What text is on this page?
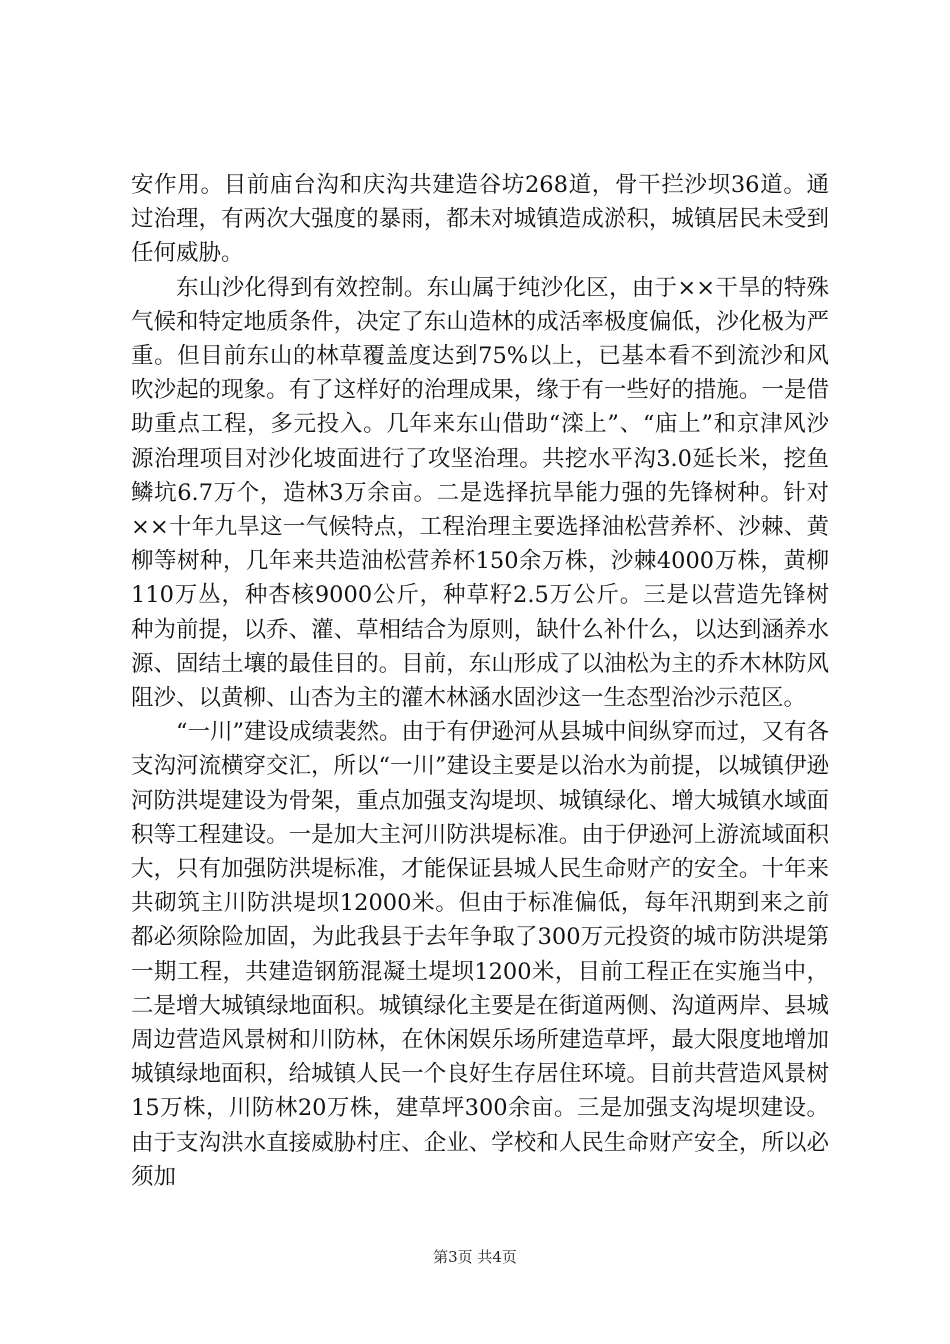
安作用。目前庙台沟和庆沟共建造谷坊268道，骨干拦沙坝36道。通过治理，有两次大强度的暴雨，都未对城镇造成淤积，城镇居民未受到任何威胁。

东山沙化得到有效控制。东山属于纯沙化区，由于××干旱的特殊气候和特定地质条件，决定了东山造林的成活率极度偏低，沙化极为严重。但目前东山的林草覆盖度达到75%以上，已基本看不到流沙和风吹沙起的现象。有了这样好的治理成果，缘于有一些好的措施。一是借助重点工程，多元投入。几年来东山借助“滦上”、“庙上”和京津风沙源治理项目对沙化坡面进行了攻坚治理。共挖水平沟3.0延长米，挖鱼鳞坑6.7万个，造林3万余亩。二是选择抗旱能力强的先锋树种。针对××十年九旱这一气候特点，工程治理主要选择油松营养杯、沙棘、黄柳等树种，几年来共造油松营养杯150余万株，沙棘4000万株，黄柳110万丛，种杏核9000公斤，种草籽2.5万公斤。三是以营造先锋树种为前提，以乔、灌、草相结合为原则，缺什么补什么，以达到涵养水源、固结土壤的最佳目的。目前，东山形成了以油松为主的乔木林防风阻沙、以黄柳、山杏为主的灌木林涵水固沙这一生态型治沙示范区。

“一川”建设成绩裴然。由于有伊逊河从县城中间纵穿而过，又有各支沟河流横穿交汇，所以“一川”建设主要是以治水为前提，以城镇伊逊河防洪堤建设为骨架，重点加强支沟堤坝、城镇绿化、增大城镇水域面积等工程建设。一是加大主河川防洪堤标准。由于伊逊河上游流域面积大，只有加强防洪堤标准，才能保证县城人民生命财产的安全。十年来共砌筑主川防洪堤坝12000米。但由于标准偏低，每年汛期到来之前都必须除险加固，为此我县于去年争取了300万元投资的城市防洪堤第一期工程，共建造钢筋混凝土堤坝1200米，目前工程正在实施当中，二是增大城镇绿地面积。城镇绿化主要是在街道两侧、沟道两岸、县城周边营造风景树和川防林，在休闲娱乐场所建造草坪，最大限度地增加城镇绿地面积，给城镇人民一个良好生存居住环境。目前共营造风景树15万株，川防林20万株，建草坪300余亩。三是加强支沟堤坝建设。由于支沟洪水直接威胁村庄、企业、学校和人民生命财产安全，所以必须加

第3页 共4页
